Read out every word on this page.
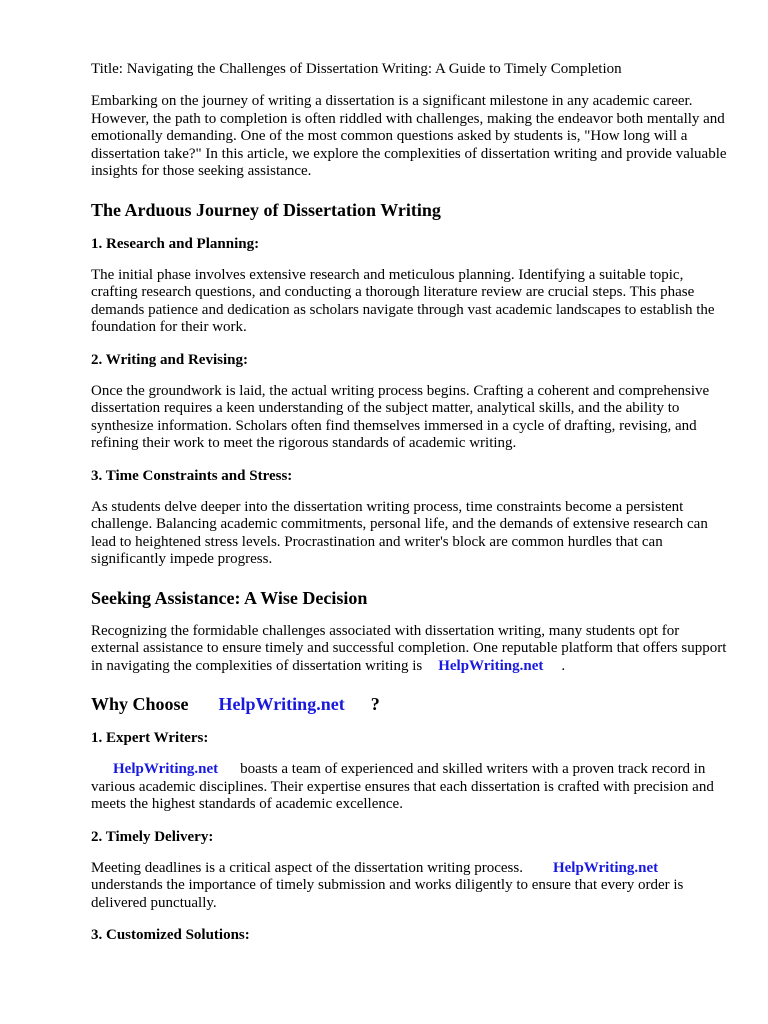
Title: Navigating the Challenges of Dissertation Writing: A Guide to Timely Completion

Embarking on the journey of writing a dissertation is a significant milestone in any academic career. However, the path to completion is often riddled with challenges, making the endeavor both mentally and emotionally demanding. One of the most common questions asked by students is, "How long will a dissertation take?" In this article, we explore the complexities of dissertation writing and provide valuable insights for those seeking assistance.

The Arduous Journey of Dissertation Writing
1. Research and Planning:

The initial phase involves extensive research and meticulous planning. Identifying a suitable topic, crafting research questions, and conducting a thorough literature review are crucial steps. This phase demands patience and dedication as scholars navigate through vast academic landscapes to establish the foundation for their work.

2. Writing and Revising:

Once the groundwork is laid, the actual writing process begins. Crafting a coherent and comprehensive dissertation requires a keen understanding of the subject matter, analytical skills, and the ability to synthesize information. Scholars often find themselves immersed in a cycle of drafting, revising, and refining their work to meet the rigorous standards of academic writing.

3. Time Constraints and Stress:

As students delve deeper into the dissertation writing process, time constraints become a persistent challenge. Balancing academic commitments, personal life, and the demands of extensive research can lead to heightened stress levels. Procrastination and writer's block are common hurdles that can significantly impede progress.

Seeking Assistance: A Wise Decision

Recognizing the formidable challenges associated with dissertation writing, many students opt for external assistance to ensure timely and successful completion. One reputable platform that offers support in navigating the complexities of dissertation writing is HelpWriting.net .

Why Choose HelpWriting.net ?
1. Expert Writers:

HelpWriting.net boasts a team of experienced and skilled writers with a proven track record in various academic disciplines. Their expertise ensures that each dissertation is crafted with precision and meets the highest standards of academic excellence.

2. Timely Delivery:

Meeting deadlines is a critical aspect of the dissertation writing process. HelpWriting.net understands the importance of timely submission and works diligently to ensure that every order is delivered punctually.

3. Customized Solutions:
